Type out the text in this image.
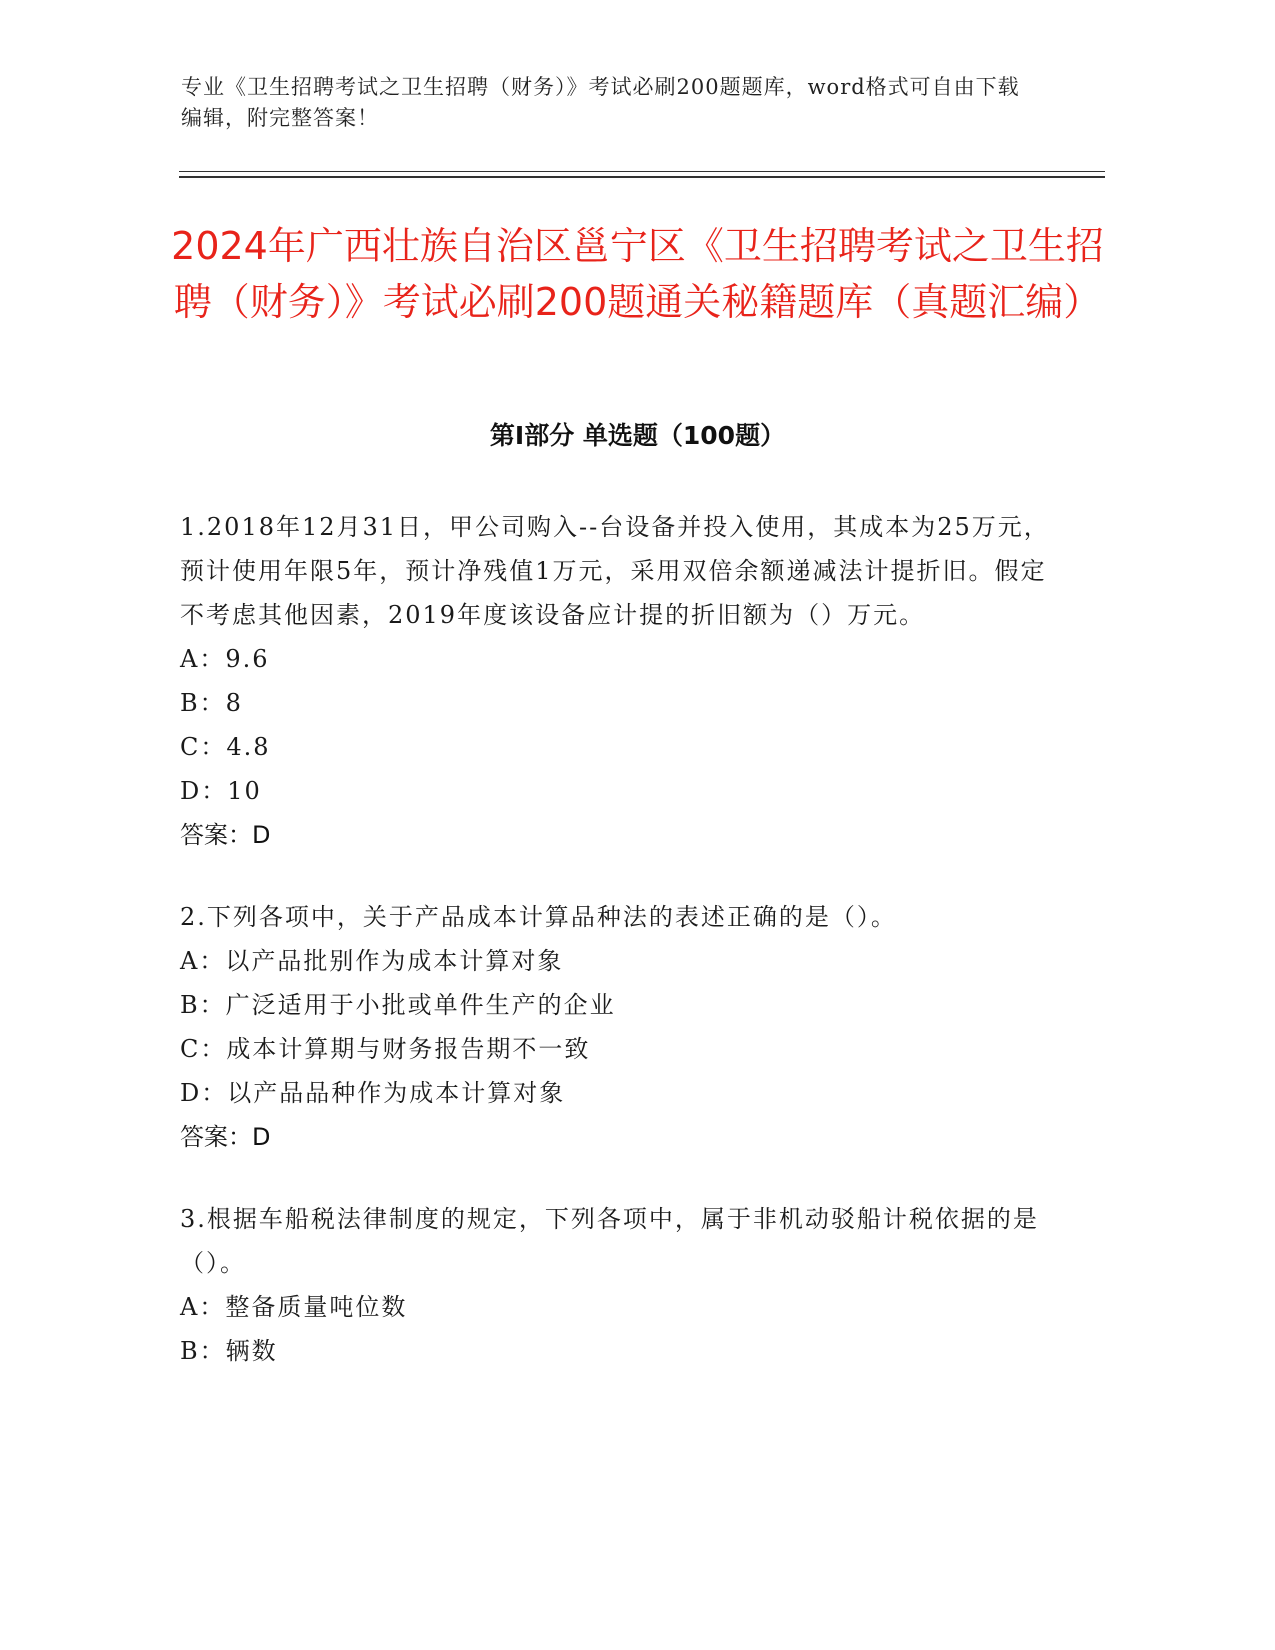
专业《卫生招聘考试之卫生招聘（财务）》考试必刷200题题库，word格式可自由下载编辑，附完整答案！
2024年广西壮族自治区邕宁区《卫生招聘考试之卫生招聘（财务）》考试必刷200题通关秘籍题库（真题汇编）
第Ⅰ部分 单选题（100题）

1.2018年12月31日，甲公司购入--台设备并投入使用，其成本为25万元，预计使用年限5年，预计净残值1万元，采用双倍余额递减法计提折旧。假定不考虑其他因素，2019年度该设备应计提的折旧额为（）万元。

A：9.6

B：8

C：4.8

D：10

答案：D

2.下列各项中，关于产品成本计算品种法的表述正确的是（）。

A：以产品批别作为成本计算对象

B：广泛适用于小批或单件生产的企业

C：成本计算期与财务报告期不一致

D：以产品品种作为成本计算对象

答案：D

3.根据车船税法律制度的规定，下列各项中，属于非机动驳船计税依据的是（）。

A：整备质量吨位数

B：辆数
